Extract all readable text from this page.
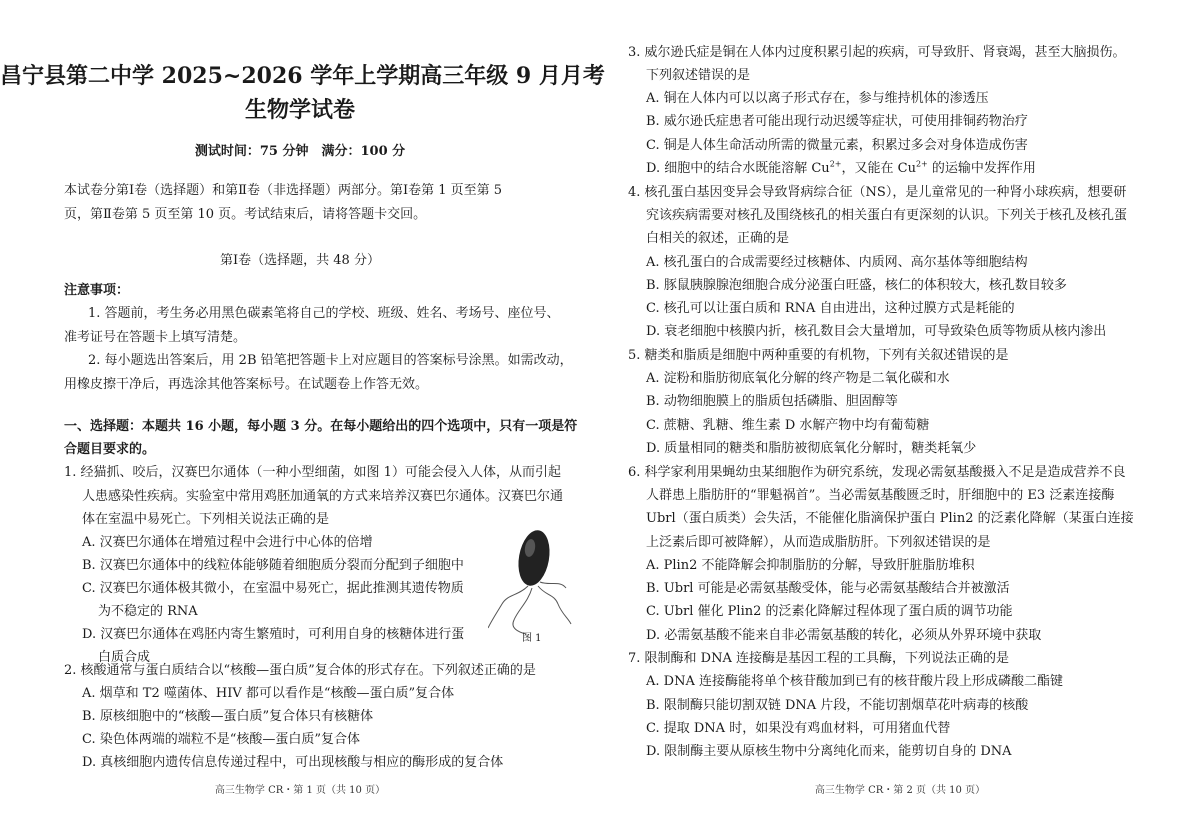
昌宁县第二中学 2025~2026 学年上学期高三年级 9 月月考
生物学试卷
测试时间：75 分钟　满分：100 分
本试卷分第Ⅰ卷（选择题）和第Ⅱ卷（非选择题）两部分。第Ⅰ卷第 1 页至第 5
页，第Ⅱ卷第 5 页至第 10 页。考试结束后，请将答题卡交回。
第Ⅰ卷（选择题，共 48 分）
注意事项：
1. 答题前，考生务必用黑色碳素笔将自己的学校、班级、姓名、考场号、座位号、
准考证号在答题卡上填写清楚。
2. 每小题选出答案后，用 2B 铅笔把答题卡上对应题目的答案标号涂黑。如需改动，
用橡皮擦干净后，再选涂其他答案标号。在试题卷上作答无效。
一、选择题：本题共 16 小题，每小题 3 分。在每小题给出的四个选项中，只有一项是符
合题目要求的。
1. 经猫抓、咬后，汉赛巴尔通体（一种小型细菌，如图 1）可能会侵入人体，从而引起
人患感染性疾病。实验室中常用鸡胚加通氧的方式来培养汉赛巴尔通体。汉赛巴尔通
体在室温中易死亡。下列相关说法正确的是
A. 汉赛巴尔通体在增殖过程中会进行中心体的倍增
B. 汉赛巴尔通体中的线粒体能够随着细胞质分裂而分配到子细胞中
C. 汉赛巴尔通体极其微小，在室温中易死亡，据此推测其遗传物质
为不稳定的 RNA
D. 汉赛巴尔通体在鸡胚内寄生繁殖时，可利用自身的核糖体进行蛋
白质合成
图 1
2. 核酸通常与蛋白质结合以“核酸—蛋白质”复合体的形式存在。下列叙述正确的是
A. 烟草和 T2 噬菌体、HIV 都可以看作是“核酸—蛋白质”复合体
B. 原核细胞中的“核酸—蛋白质”复合体只有核糖体
C. 染色体两端的端粒不是“核酸—蛋白质”复合体
D. 真核细胞内遗传信息传递过程中，可出现核酸与相应的酶形成的复合体
高三生物学 CR・第 1 页（共 10 页）
3. 威尔逊氏症是铜在人体内过度积累引起的疾病，可导致肝、肾衰竭，甚至大脑损伤。
下列叙述错误的是
A. 铜在人体内可以以离子形式存在，参与维持机体的渗透压
B. 威尔逊氏症患者可能出现行动迟缓等症状，可使用排铜药物治疗
C. 铜是人体生命活动所需的微量元素，积累过多会对身体造成伤害
D. 细胞中的结合水既能溶解 $Cu^{2+}$，又能在 $Cu^{2+}$ 的运输中发挥作用
4. 核孔蛋白基因变异会导致肾病综合征（NS），是儿童常见的一种肾小球疾病，想要研
究该疾病需要对核孔及围绕核孔的相关蛋白有更深刻的认识。下列关于核孔及核孔蛋
白相关的叙述，正确的是
A. 核孔蛋白的合成需要经过核糖体、内质网、高尔基体等细胞结构
B. 豚鼠胰腺腺泡细胞合成分泌蛋白旺盛，核仁的体积较大，核孔数目较多
C. 核孔可以让蛋白质和 RNA 自由进出，这种过膜方式是耗能的
D. 衰老细胞中核膜内折，核孔数目会大量增加，可导致染色质等物质从核内渗出
5. 糖类和脂质是细胞中两种重要的有机物，下列有关叙述错误的是
A. 淀粉和脂肪彻底氧化分解的终产物是二氧化碳和水
B. 动物细胞膜上的脂质包括磷脂、胆固醇等
C. 蔗糖、乳糖、维生素 D 水解产物中均有葡萄糖
D. 质量相同的糖类和脂肪被彻底氧化分解时，糖类耗氧少
6. 科学家利用果蝇幼虫某细胞作为研究系统，发现必需氨基酸摄入不足是造成营养不良
人群患上脂肪肝的“罪魁祸首”。当必需氨基酸匮乏时，肝细胞中的 E3 泛素连接酶
Ubrl（蛋白质类）会失活，不能催化脂滴保护蛋白 Plin2 的泛素化降解（某蛋白连接
上泛素后即可被降解），从而造成脂肪肝。下列叙述错误的是
A. Plin2 不能降解会抑制脂肪的分解，导致肝脏脂肪堆积
B. Ubrl 可能是必需氨基酸受体，能与必需氨基酸结合并被激活
C. Ubrl 催化 Plin2 的泛素化降解过程体现了蛋白质的调节功能
D. 必需氨基酸不能来自非必需氨基酸的转化，必须从外界环境中获取
7. 限制酶和 DNA 连接酶是基因工程的工具酶，下列说法正确的是
A. DNA 连接酶能将单个核苷酸加到已有的核苷酸片段上形成磷酸二酯键
B. 限制酶只能切割双链 DNA 片段，不能切割烟草花叶病毒的核酸
C. 提取 DNA 时，如果没有鸡血材料，可用猪血代替
D. 限制酶主要从原核生物中分离纯化而来，能剪切自身的 DNA
高三生物学 CR・第 2 页（共 10 页）
